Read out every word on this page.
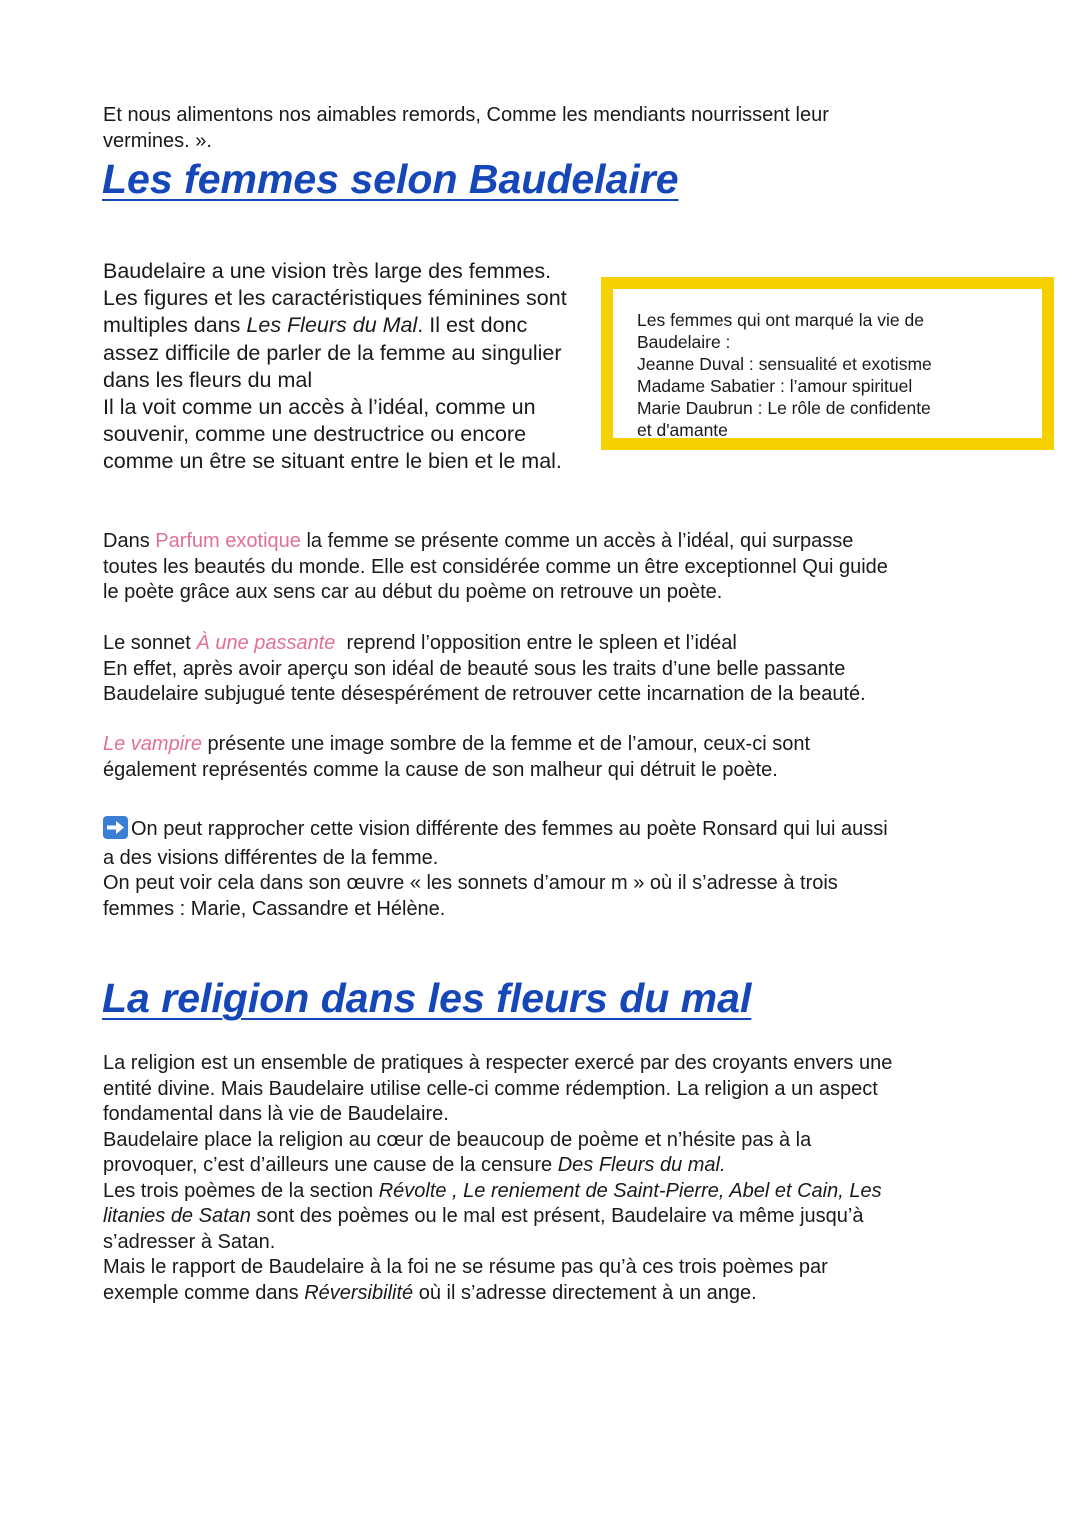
Et nous alimentons nos aimables remords, Comme les mendiants nourrissent leur
vermines. ».

Les femmes selon Baudelaire

Baudelaire a une vision très large des femmes. Les figures et les caractéristiques féminines sont multiples dans Les Fleurs du Mal. Il est donc assez difficile de parler de la femme au singulier dans les fleurs du mal
Il la voit comme un accès à l’idéal, comme un souvenir, comme une destructrice ou encore comme un être se situant entre le bien et le mal.

Les femmes qui ont marqué la vie de
Baudelaire :
Jeanne Duval : sensualité et exotisme
Madame Sabatier : l’amour spirituel
Marie Daubrun : Le rôle de confidente
et d'amante

Dans Parfum exotique la femme se présente comme un accès à l’idéal, qui surpasse
toutes les beautés du monde. Elle est considérée comme un être exceptionnel Qui guide
le poète grâce aux sens car au début du poème on retrouve un poète.

Le sonnet À une passante  reprend l’opposition entre le spleen et l’idéal
En effet, après avoir aperçu son idéal de beauté sous les traits d’une belle passante
Baudelaire subjugué tente désespérément de retrouver cette incarnation de la beauté.

Le vampire présente une image sombre de la femme et de l’amour, ceux-ci sont
également représentés comme la cause de son malheur qui détruit le poète.

On peut rapprocher cette vision différente des femmes au poète Ronsard qui lui aussi
a des visions différentes de la femme.
On peut voir cela dans son œuvre « les sonnets d’amour m » où il s’adresse à trois
femmes : Marie, Cassandre et Hélène.

La religion dans les fleurs du mal

La religion est un ensemble de pratiques à respecter exercé par des croyants envers une
entité divine. Mais Baudelaire utilise celle-ci comme rédemption. La religion a un aspect
fondamental dans là vie de Baudelaire.
Baudelaire place la religion au cœur de beaucoup de poème et n’hésite pas à la
provoquer, c’est d’ailleurs une cause de la censure Des Fleurs du mal.
Les trois poèmes de la section Révolte , Le reniement de Saint-Pierre, Abel et Cain, Les
litanies de Satan sont des poèmes ou le mal est présent, Baudelaire va même jusqu’à
s’adresser à Satan.
Mais le rapport de Baudelaire à la foi ne se résume pas qu’à ces trois poèmes par
exemple comme dans Réversibilité où il s’adresse directement à un ange.
